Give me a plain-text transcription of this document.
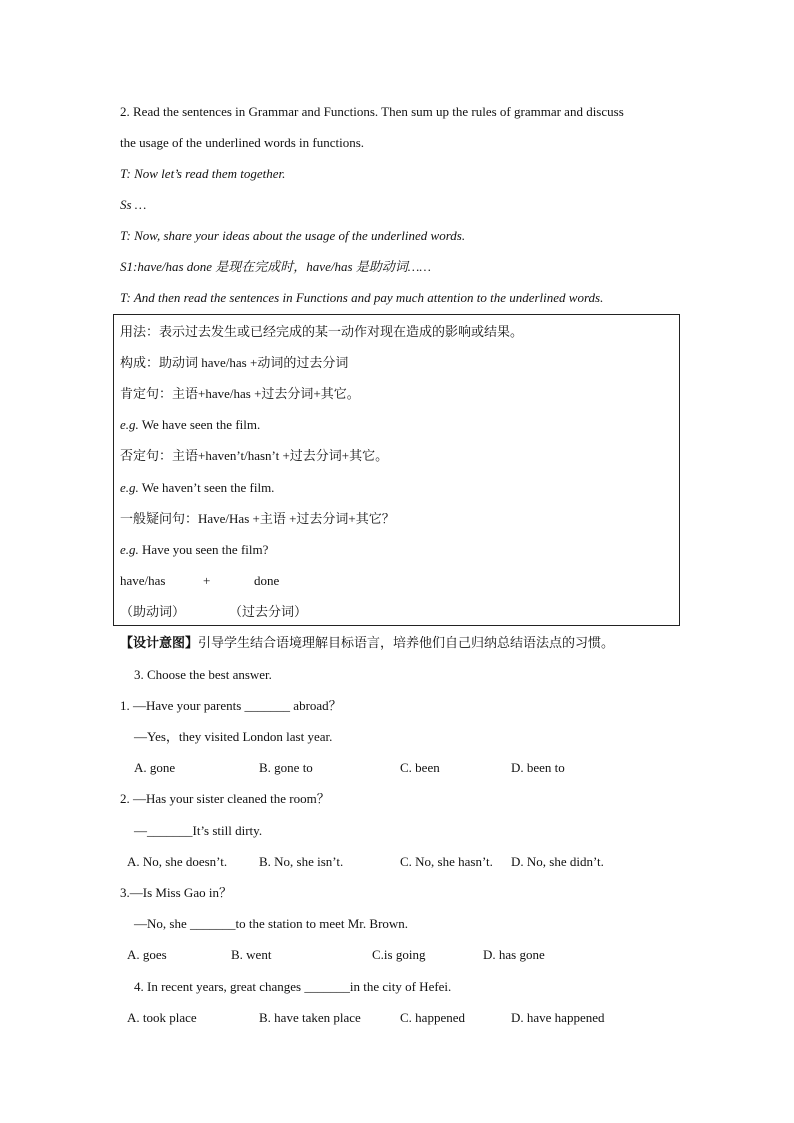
2. Read the sentences in Grammar and Functions. Then sum up the rules of grammar and discuss
the usage of the underlined words in functions.
T: Now let’s read them together.
Ss …
T: Now, share your ideas about the usage of the underlined words.
S1:have/has done 是现在完成时，have/has 是助动词……
T: And then read the sentences in Functions and pay much attention to the underlined words.
用法：表示过去发生或已经完成的某一动作对现在造成的影响或结果。
构成：助动词 have/has +动词的过去分词
肯定句：主语+have/has +过去分词+其它。
e.g. We have seen the film.
否定句：主语+haven’t/hasn’t +过去分词+其它。
e.g. We haven’t seen the film.
一般疑问句：Have/Has +主语 +过去分词+其它？
e.g. Have you seen the film?
have/has	+	done
（助动词）	（过去分词）
【设计意图】引导学生结合语境理解目标语言，培养他们自己归纳总结语法点的习惯。
3. Choose the best answer.
1. —Have your parents _______ abroad？
—Yes，they visited London last year.
A. gone	B. gone to	C. been	D. been to
2. —Has your sister cleaned the room？
—_______It’s still dirty.
A. No, she doesn’t. B. No, she isn’t.	C. No, she hasn’t. D. No, she didn’t.
3.—Is Miss Gao in？
—No, she _______to the station to meet Mr. Brown.
A. goes	B. went	C.is going	D. has gone
4. In recent years, great changes _______in the city of Hefei.
A. took place	B. have taken place	C. happened	D. have happened
